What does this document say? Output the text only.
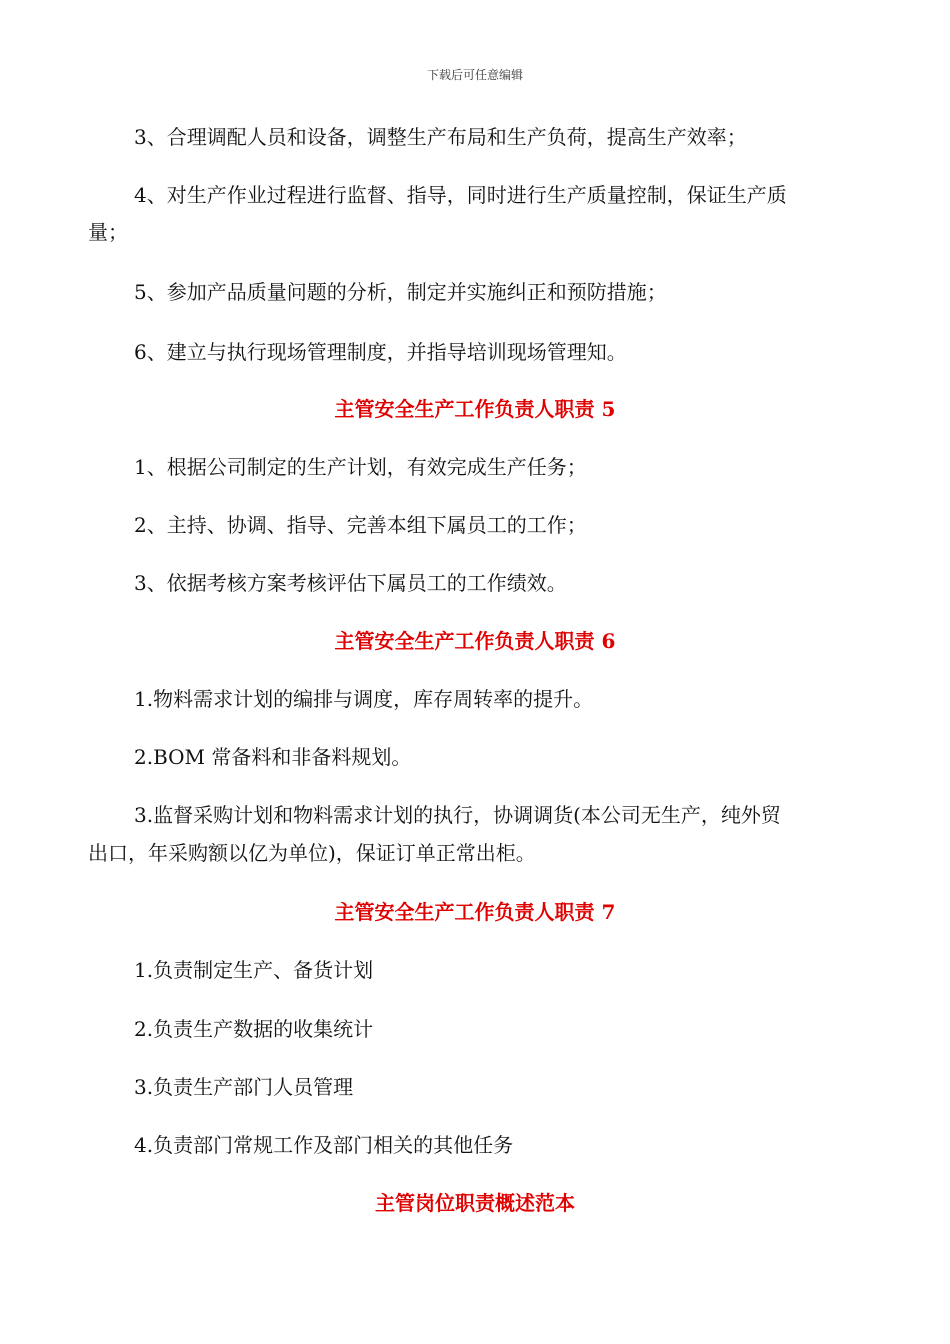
下载后可任意编辑
3、合理调配人员和设备，调整生产布局和生产负荷，提高生产效率；
4、对生产作业过程进行监督、指导，同时进行生产质量控制，保证生产质
量；
5、参加产品质量问题的分析，制定并实施纠正和预防措施；
6、建立与执行现场管理制度，并指导培训现场管理知。
主管安全生产工作负责人职责 5
1、根据公司制定的生产计划，有效完成生产任务；
2、主持、协调、指导、完善本组下属员工的工作；
3、依据考核方案考核评估下属员工的工作绩效。
主管安全生产工作负责人职责 6
1.物料需求计划的编排与调度，库存周转率的提升。
2.BOM 常备料和非备料规划。
3.监督采购计划和物料需求计划的执行，协调调货(本公司无生产，纯外贸
出口，年采购额以亿为单位)，保证订单正常出柜。
主管安全生产工作负责人职责 7
1.负责制定生产、备货计划
2.负责生产数据的收集统计
3.负责生产部门人员管理
4.负责部门常规工作及部门相关的其他任务
主管岗位职责概述范本
